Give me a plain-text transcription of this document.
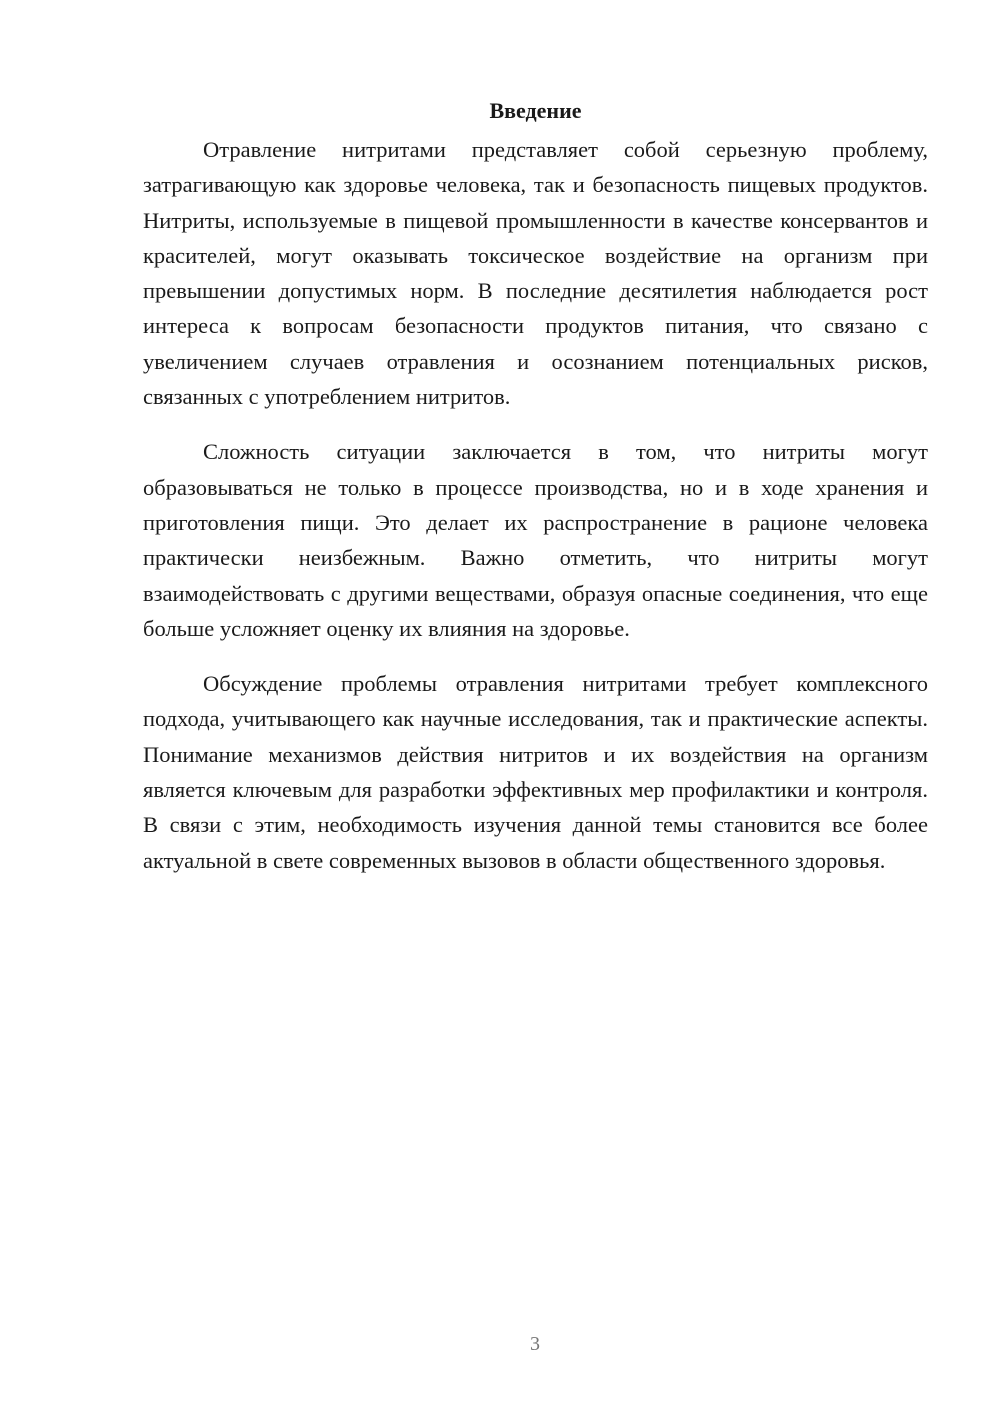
Введение

Отравление нитритами представляет собой серьезную проблему, затрагивающую как здоровье человека, так и безопасность пищевых продуктов. Нитриты, используемые в пищевой промышленности в качестве консервантов и красителей, могут оказывать токсическое воздействие на организм при превышении допустимых норм. В последние десятилетия наблюдается рост интереса к вопросам безопасности продуктов питания, что связано с увеличением случаев отравления и осознанием потенциальных рисков, связанных с употреблением нитритов.

Сложность ситуации заключается в том, что нитриты могут образовываться не только в процессе производства, но и в ходе хранения и приготовления пищи. Это делает их распространение в рационе человека практически неизбежным. Важно отметить, что нитриты могут взаимодействовать с другими веществами, образуя опасные соединения, что еще больше усложняет оценку их влияния на здоровье.

Обсуждение проблемы отравления нитритами требует комплексного подхода, учитывающего как научные исследования, так и практические аспекты. Понимание механизмов действия нитритов и их воздействия на организм является ключевым для разработки эффективных мер профилактики и контроля. В связи с этим, необходимость изучения данной темы становится все более актуальной в свете современных вызовов в области общественного здоровья.

3
